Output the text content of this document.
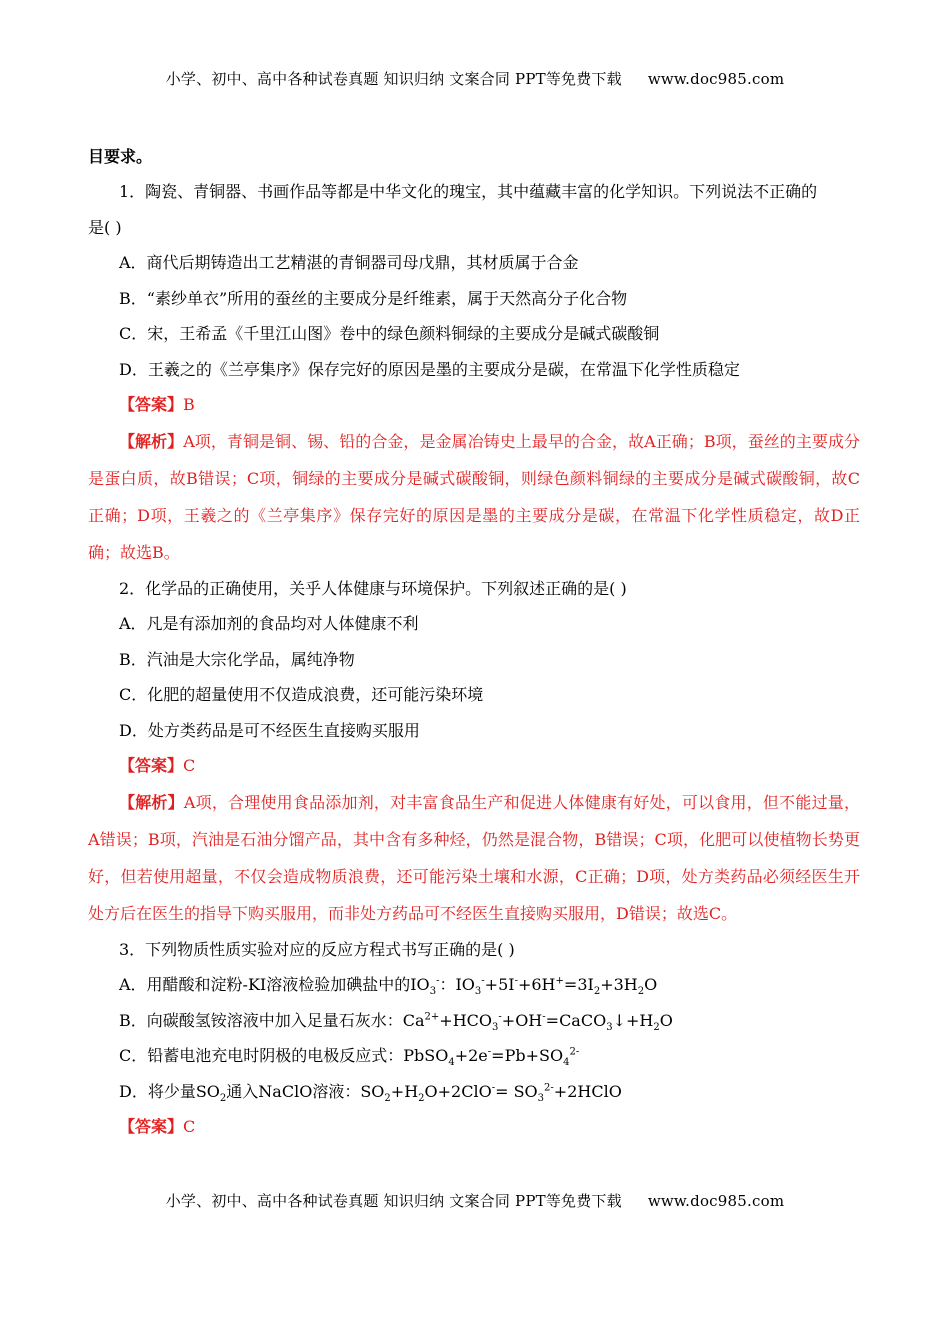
小学、初中、高中各种试卷真题 知识归纳 文案合同 PPT等免费下载 www.doc985.com
目要求。
1．陶瓷、青铜器、书画作品等都是中华文化的瑰宝，其中蕴藏丰富的化学知识。下列说法不正确的
是( )
A．商代后期铸造出工艺精湛的青铜器司母戊鼎，其材质属于合金
B．“素纱单衣”所用的蚕丝的主要成分是纤维素，属于天然高分子化合物
C．宋，王希孟《千里江山图》卷中的绿色颜料铜绿的主要成分是碱式碳酸铜
D．王羲之的《兰亭集序》保存完好的原因是墨的主要成分是碳，在常温下化学性质稳定
【答案】B
【解析】A项，青铜是铜、锡、铅的合金，是金属冶铸史上最早的合金，故A正确；B项，蚕丝的主要成分是蛋白质，故B错误；C项，铜绿的主要成分是碱式碳酸铜，则绿色颜料铜绿的主要成分是碱式碳酸铜，故C正确；D项，王羲之的《兰亭集序》保存完好的原因是墨的主要成分是碳，在常温下化学性质稳定，故D正确；故选B。
2．化学品的正确使用，关乎人体健康与环境保护。下列叙述正确的是( )
A．凡是有添加剂的食品均对人体健康不利
B．汽油是大宗化学品，属纯净物
C．化肥的超量使用不仅造成浪费，还可能污染环境
D．处方类药品是可不经医生直接购买服用
【答案】C
【解析】A项，合理使用食品添加剂，对丰富食品生产和促进人体健康有好处，可以食用，但不能过量，A错误；B项，汽油是石油分馏产品，其中含有多种烃，仍然是混合物，B错误；C项，化肥可以使植物长势更好，但若使用超量，不仅会造成物质浪费，还可能污染土壤和水源，C正确；D项，处方类药品必须经医生开处方后在医生的指导下购买服用，而非处方药品可不经医生直接购买服用，D错误；故选C。
3．下列物质性质实验对应的反应方程式书写正确的是( )
A．用醋酸和淀粉-KI溶液检验加碘盐中的$IO_3^-$：$IO_3^-+5I^-+6H^+=3I_2+3H_2O$
B．向碳酸氢铵溶液中加入足量石灰水：$Ca^{2+}+HCO_3^-+OH^-=CaCO_3↓+H_2O$
C．铅蓄电池充电时阴极的电极反应式：$PbSO_4+2e^-=Pb+SO_4^{2-}$
D．将少量$SO_2$通入NaClO溶液：$SO_2+H_2O+2ClO^-=$ $SO_3^{2-}+2HClO$
【答案】C
小学、初中、高中各种试卷真题 知识归纳 文案合同 PPT等免费下载 www.doc985.com
